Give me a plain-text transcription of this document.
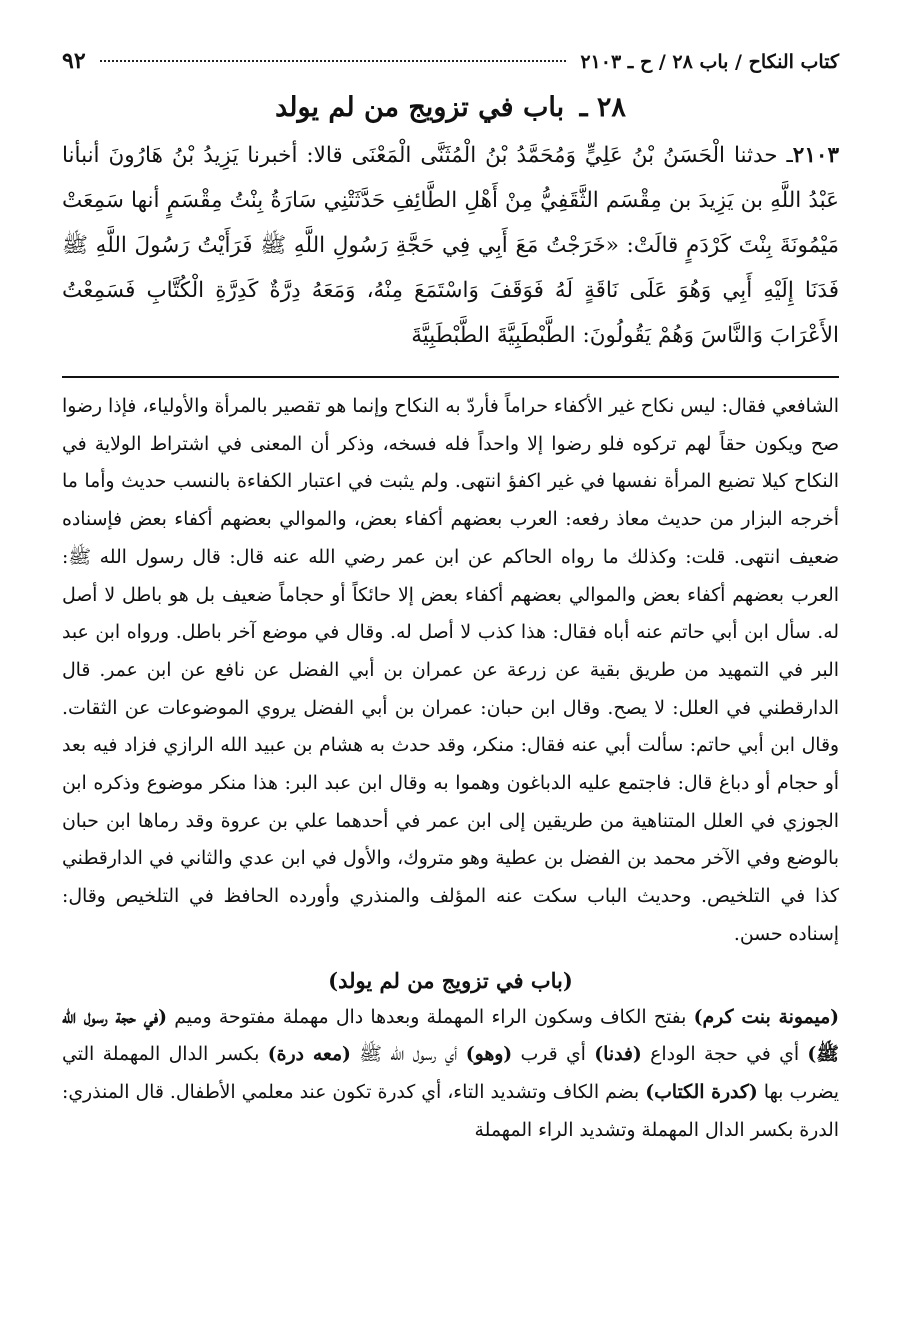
كتاب النكاح / باب ٢٨ / ح ـ ٢١٠٣
٩٢
٢٨ ـ باب في تزويج من لم يولد
٢١٠٣ـ حدثنا الْحَسَنُ بْنُ عَلِيٍّ وَمُحَمَّدُ بْنُ الْمُثَنَّى الْمَعْنَى قالا: أخبرنا يَزِيدُ بْنُ هَارُونَ أنبأنا عَبْدُ اللَّهِ بن يَزِيدَ بن مِقْسَم الثَّقَفِيُّ مِنْ أَهْلِ الطَّائِفِ حَدَّثَتْنِي سَارَةُ بِنْتُ مِقْسَمٍ أنها سَمِعَتْ مَيْمُونَةَ بِنْتَ كَرْدَمٍ قالَتْ: «خَرَجْتُ مَعَ أَبِي فِي حَجَّةِ رَسُولِ اللَّهِ ﷺ فَرَأَيْتُ رَسُولَ اللَّهِ ﷺ فَدَنَا إِلَيْهِ أَبِي وَهُوَ عَلَى نَاقَةٍ لَهُ فَوَقَفَ وَاسْتَمَعَ مِنْهُ، وَمَعَهُ دِرَّةٌ كَدِرَّةِ الْكُتَّابِ فَسَمِعْتُ الأَعْرَابَ وَالنَّاسَ وَهُمْ يَقُولُونَ: الطَّبْطَبِيَّةَ الطَّبْطَبِيَّةَ
الشافعي فقال: ليس نكاح غير الأكفاء حراماً فأردّ به النكاح وإنما هو تقصير بالمرأة والأولياء، فإذا رضوا صح ويكون حقاً لهم تركوه فلو رضوا إلا واحداً فله فسخه، وذكر أن المعنى في اشتراط الولاية في النكاح كيلا تضيع المرأة نفسها في غير اكفؤ انتهى. ولم يثبت في اعتبار الكفاءة بالنسب حديث وأما ما أخرجه البزار من حديث معاذ رفعه: العرب بعضهم أكفاء بعض، والموالي بعضهم أكفاء بعض فإسناده ضعيف انتهى. قلت: وكذلك ما رواه الحاكم عن ابن عمر رضي الله عنه قال: قال رسول الله ﷺ: العرب بعضهم أكفاء بعض والموالي بعضهم أكفاء بعض إلا حائكاً أو حجاماً ضعيف بل هو باطل لا أصل له. سأل ابن أبي حاتم عنه أباه فقال: هذا كذب لا أصل له. وقال في موضع آخر باطل. ورواه ابن عبد البر في التمهيد من طريق بقية عن زرعة عن عمران بن أبي الفضل عن نافع عن ابن عمر. قال الدارقطني في العلل: لا يصح. وقال ابن حبان: عمران بن أبي الفضل يروي الموضوعات عن الثقات. وقال ابن أبي حاتم: سألت أبي عنه فقال: منكر، وقد حدث به هشام بن عبيد الله الرازي فزاد فيه بعد أو حجام أو دباغ قال: فاجتمع عليه الدباغون وهموا به وقال ابن عبد البر: هذا منكر موضوع وذكره ابن الجوزي في العلل المتناهية من طريقين إلى ابن عمر في أحدهما علي بن عروة وقد رماها ابن حبان بالوضع وفي الآخر محمد بن الفضل بن عطية وهو متروك، والأول في ابن عدي والثاني في الدارقطني كذا في التلخيص. وحديث الباب سكت عنه المؤلف والمنذري وأورده الحافظ في التلخيص وقال: إسناده حسن.
(باب في تزويج من لم يولد)
(ميمونة بنت كرم) بفتح الكاف وسكون الراء المهملة وبعدها دال مهملة مفتوحة وميم (في حجة رسول الله ﷺ) أي في حجة الوداع (فدنا) أي قرب (وهو) أي رسول الله ﷺ (معه درة) بكسر الدال المهملة التي يضرب بها (كدرة الكتاب) بضم الكاف وتشديد التاء، أي كدرة تكون عند معلمي الأطفال. قال المنذري: الدرة بكسر الدال المهملة وتشديد الراء المهملة
